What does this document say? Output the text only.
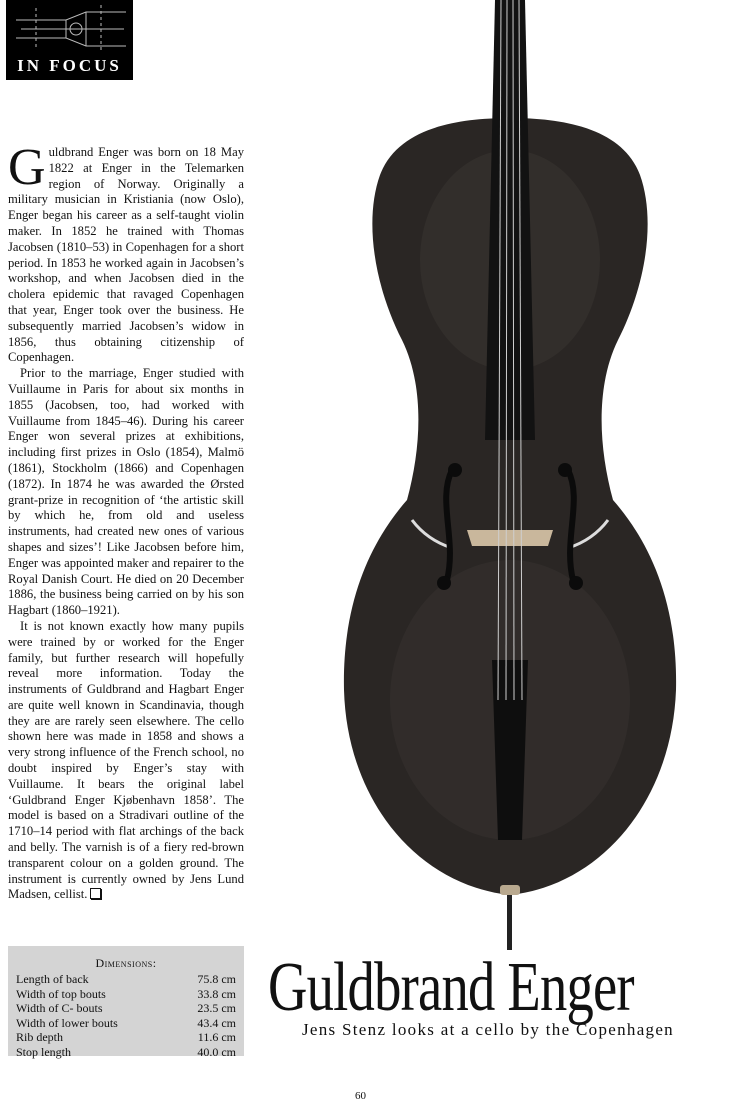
IN FOCUS

Guldbrand Enger was born on 18 May 1822 at Enger in the Telemarken region of Norway. Originally a military musician in Kristiania (now Oslo), Enger began his career as a self-taught violin maker. In 1852 he trained with Thomas Jacobsen (1810–53) in Copenhagen for a short period. In 1853 he worked again in Jacobsen’s workshop, and when Jacobsen died in the cholera epidemic that ravaged Copenhagen that year, Enger took over the business. He subsequently married Jacobsen’s widow in 1856, thus obtaining citizenship of Copenhagen.

Prior to the marriage, Enger studied with Vuillaume in Paris for about six months in 1855 (Jacobsen, too, had worked with Vuillaume from 1845–46). During his career Enger won several prizes at exhibitions, including first prizes in Oslo (1854), Malmö (1861), Stockholm (1866) and Copenhagen (1872). In 1874 he was awarded the Ørsted grant-prize in recognition of ‘the artistic skill by which he, from old and useless instruments, had created new ones of various shapes and sizes’! Like Jacobsen before him, Enger was appointed maker and repairer to the Royal Danish Court. He died on 20 December 1886, the business being carried on by his son Hagbart (1860–1921).

It is not known exactly how many pupils were trained by or worked for the Enger family, but further research will hopefully reveal more information. Today the instruments of Guldbrand and Hagbart Enger are quite well known in Scandinavia, though they are are rarely seen elsewhere. The cello shown here was made in 1858 and shows a very strong influence of the French school, no doubt inspired by Enger’s stay with Vuillaume. It bears the original label ‘Guldbrand Enger Kjøbenhavn 1858’. The model is based on a Stradivari outline of the 1710–14 period with flat archings of the back and belly. The varnish is of a fiery red-brown transparent colour on a golden ground. The instrument is currently owned by Jens Lund Madsen, cellist.

Dimensions:
Length of back	75.8 cm
Width of top bouts	33.8 cm
Width of C- bouts	23.5 cm
Width of lower bouts	43.4 cm
Rib depth	11.6 cm
Stop length	40.0 cm
Guldbrand Enger
Jens Stenz looks at a cello by the Copenhagen
60
